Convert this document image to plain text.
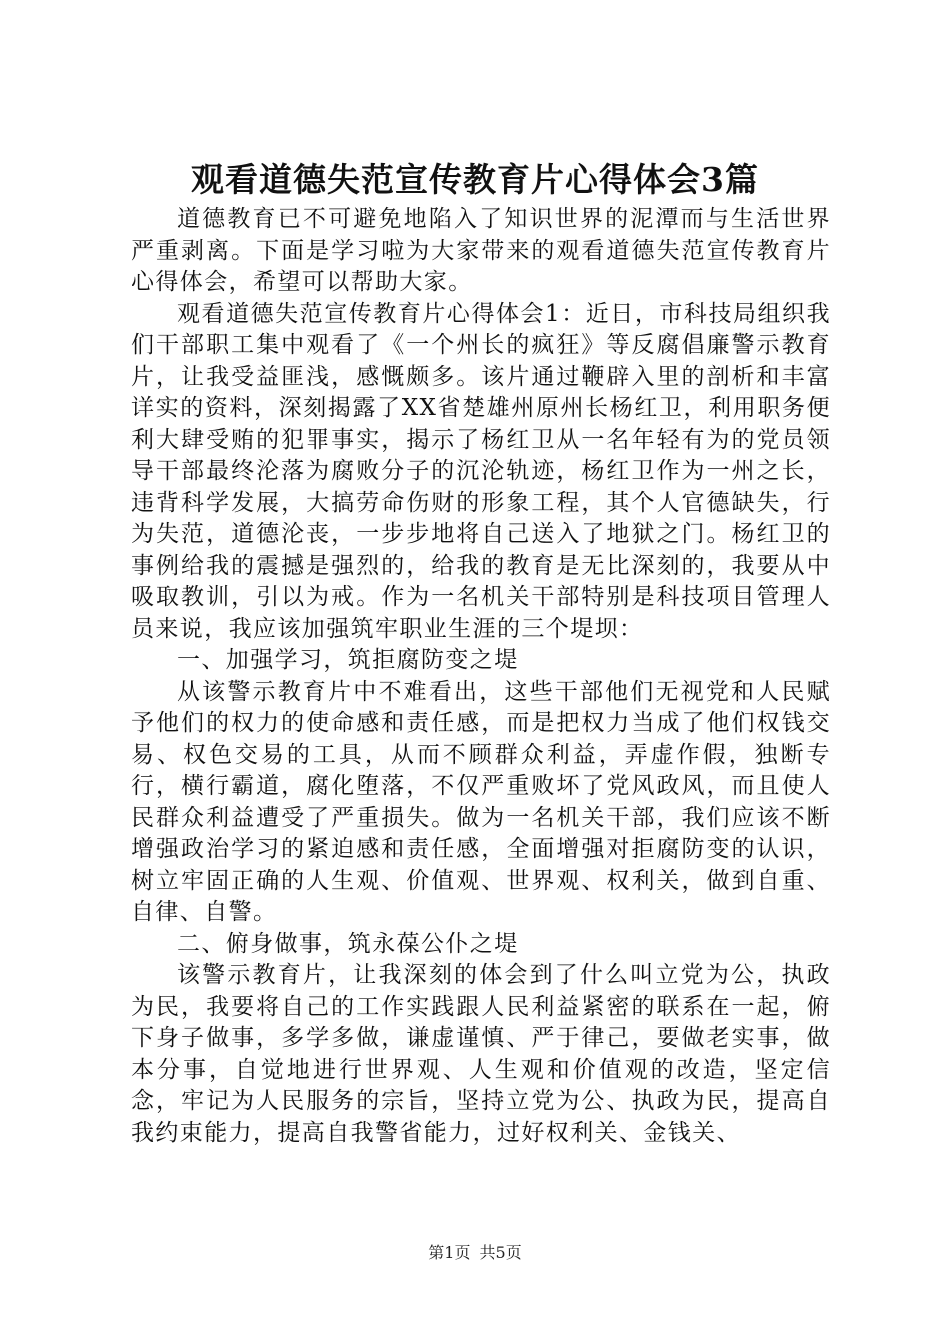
观看道德失范宣传教育片心得体会3篇

道德教育已不可避免地陷入了知识世界的泥潭而与生活世界严重剥离。下面是学习啦为大家带来的观看道德失范宣传教育片心得体会，希望可以帮助大家。

观看道德失范宣传教育片心得体会1：近日，市科技局组织我们干部职工集中观看了《一个州长的疯狂》等反腐倡廉警示教育片，让我受益匪浅，感慨颇多。该片通过鞭辟入里的剖析和丰富详实的资料，深刻揭露了XX省楚雄州原州长杨红卫，利用职务便利大肆受贿的犯罪事实，揭示了杨红卫从一名年轻有为的党员领导干部最终沦落为腐败分子的沉沦轨迹，杨红卫作为一州之长，违背科学发展，大搞劳命伤财的形象工程，其个人官德缺失，行为失范，道德沦丧，一步步地将自己送入了地狱之门。杨红卫的事例给我的震撼是强烈的，给我的教育是无比深刻的，我要从中吸取教训，引以为戒。作为一名机关干部特别是科技项目管理人员来说，我应该加强筑牢职业生涯的三个堤坝：

一、加强学习，筑拒腐防变之堤

从该警示教育片中不难看出，这些干部他们无视党和人民赋予他们的权力的使命感和责任感，而是把权力当成了他们权钱交易、权色交易的工具，从而不顾群众利益，弄虚作假，独断专行，横行霸道，腐化堕落，不仅严重败坏了党风政风，而且使人民群众利益遭受了严重损失。做为一名机关干部，我们应该不断增强政治学习的紧迫感和责任感，全面增强对拒腐防变的认识，树立牢固正确的人生观、价值观、世界观、权利关，做到自重、自律、自警。

二、俯身做事，筑永葆公仆之堤

该警示教育片，让我深刻的体会到了什么叫立党为公，执政为民，我要将自己的工作实践跟人民利益紧密的联系在一起，俯下身子做事，多学多做，谦虚谨慎、严于律己，要做老实事，做本分事，自觉地进行世界观、人生观和价值观的改造，坚定信念，牢记为人民服务的宗旨，坚持立党为公、执政为民，提高自我约束能力，提高自我警省能力，过好权利关、金钱关、

第1页 共5页
